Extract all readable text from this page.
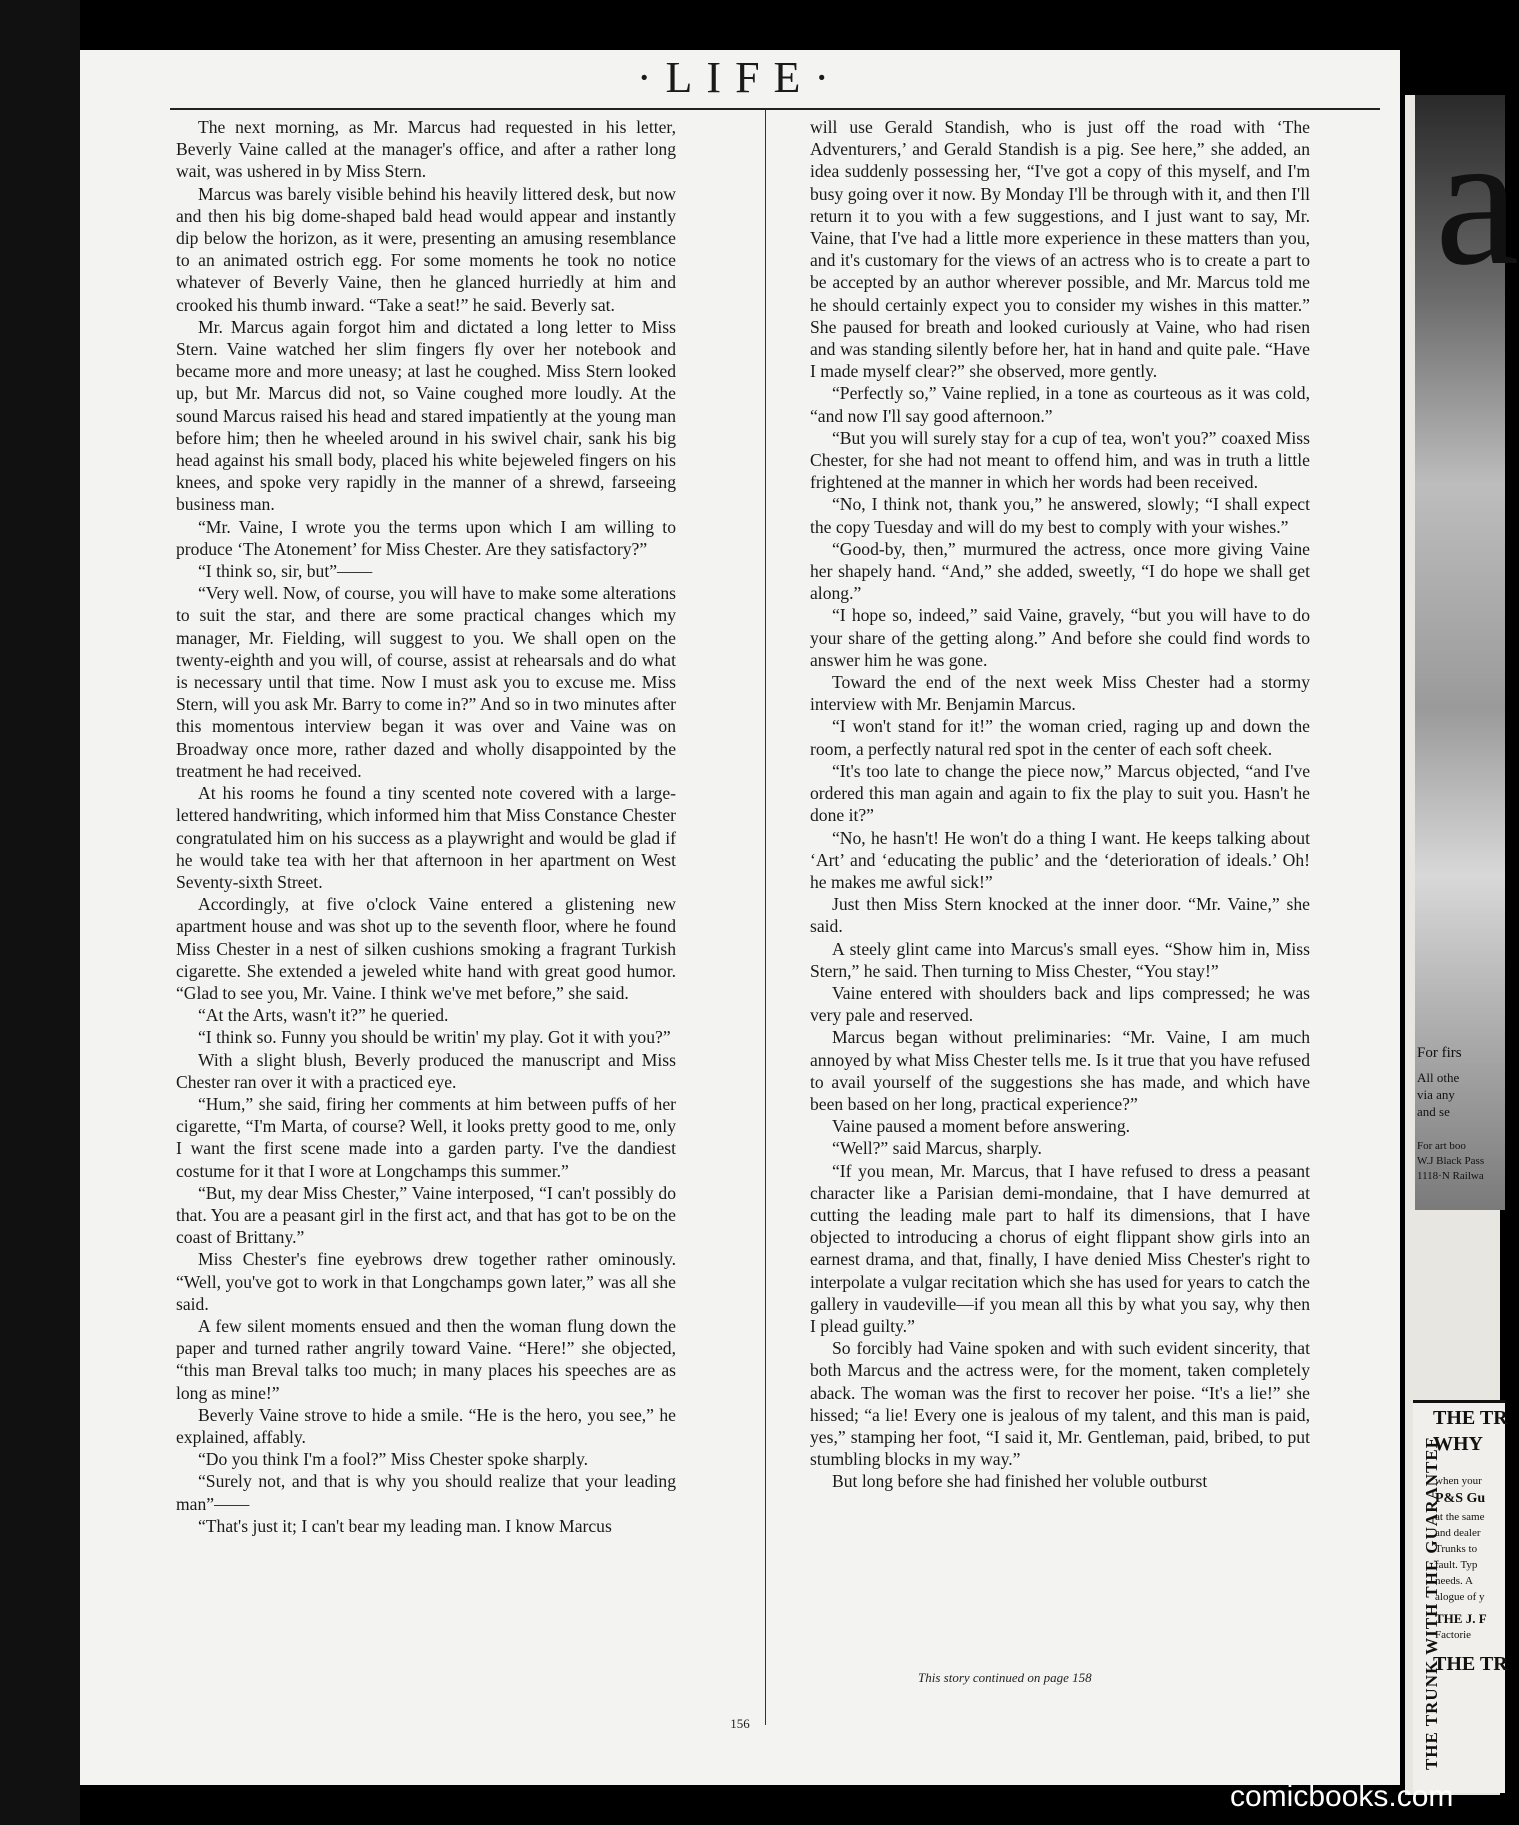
·LIFE·

The next morning, as Mr. Marcus had requested in his letter, Beverly Vaine called at the manager's office, and after a rather long wait, was ushered in by Miss Stern.

Marcus was barely visible behind his heavily littered desk, but now and then his big dome-shaped bald head would appear and instantly dip below the horizon, as it were, presenting an amusing resemblance to an animated ostrich egg. For some moments he took no notice whatever of Beverly Vaine, then he glanced hurriedly at him and crooked his thumb inward. “Take a seat!” he said. Beverly sat.

Mr. Marcus again forgot him and dictated a long letter to Miss Stern. Vaine watched her slim fingers fly over her notebook and became more and more uneasy; at last he coughed. Miss Stern looked up, but Mr. Marcus did not, so Vaine coughed more loudly. At the sound Marcus raised his head and stared impatiently at the young man before him; then he wheeled around in his swivel chair, sank his big head against his small body, placed his white bejeweled fingers on his knees, and spoke very rapidly in the manner of a shrewd, farseeing business man.

“Mr. Vaine, I wrote you the terms upon which I am willing to produce ‘The Atonement’ for Miss Chester. Are they satisfactory?”

“I think so, sir, but”——

“Very well. Now, of course, you will have to make some alterations to suit the star, and there are some practical changes which my manager, Mr. Fielding, will suggest to you. We shall open on the twenty-eighth and you will, of course, assist at rehearsals and do what is necessary until that time. Now I must ask you to excuse me. Miss Stern, will you ask Mr. Barry to come in?” And so in two minutes after this momentous interview began it was over and Vaine was on Broadway once more, rather dazed and wholly disappointed by the treatment he had received.

At his rooms he found a tiny scented note covered with a large-lettered handwriting, which informed him that Miss Constance Chester congratulated him on his success as a playwright and would be glad if he would take tea with her that afternoon in her apartment on West Seventy-sixth Street.

Accordingly, at five o'clock Vaine entered a glistening new apartment house and was shot up to the seventh floor, where he found Miss Chester in a nest of silken cushions smoking a fragrant Turkish cigarette. She extended a jeweled white hand with great good humor. “Glad to see you, Mr. Vaine. I think we've met before,” she said.

“At the Arts, wasn't it?” he queried.

“I think so. Funny you should be writin' my play. Got it with you?”

With a slight blush, Beverly produced the manuscript and Miss Chester ran over it with a practiced eye.

“Hum,” she said, firing her comments at him between puffs of her cigarette, “I'm Marta, of course? Well, it looks pretty good to me, only I want the first scene made into a garden party. I've the dandiest costume for it that I wore at Longchamps this summer.”

“But, my dear Miss Chester,” Vaine interposed, “I can't possibly do that. You are a peasant girl in the first act, and that has got to be on the coast of Brittany.”

Miss Chester's fine eyebrows drew together rather ominously. “Well, you've got to work in that Longchamps gown later,” was all she said.

A few silent moments ensued and then the woman flung down the paper and turned rather angrily toward Vaine. “Here!” she objected, “this man Breval talks too much; in many places his speeches are as long as mine!”

Beverly Vaine strove to hide a smile. “He is the hero, you see,” he explained, affably.

“Do you think I'm a fool?” Miss Chester spoke sharply.

“Surely not, and that is why you should realize that your leading man”——

“That's just it; I can't bear my leading man. I know Marcus

will use Gerald Standish, who is just off the road with ‘The Adventurers,’ and Gerald Standish is a pig. See here,” she added, an idea suddenly possessing her, “I've got a copy of this myself, and I'm busy going over it now. By Monday I'll be through with it, and then I'll return it to you with a few suggestions, and I just want to say, Mr. Vaine, that I've had a little more experience in these matters than you, and it's customary for the views of an actress who is to create a part to be accepted by an author wherever possible, and Mr. Marcus told me he should certainly expect you to consider my wishes in this matter.” She paused for breath and looked curiously at Vaine, who had risen and was standing silently before her, hat in hand and quite pale. “Have I made myself clear?” she observed, more gently.

“Perfectly so,” Vaine replied, in a tone as courteous as it was cold, “and now I'll say good afternoon.”

“But you will surely stay for a cup of tea, won't you?” coaxed Miss Chester, for she had not meant to offend him, and was in truth a little frightened at the manner in which her words had been received.

“No, I think not, thank you,” he answered, slowly; “I shall expect the copy Tuesday and will do my best to comply with your wishes.”

“Good-by, then,” murmured the actress, once more giving Vaine her shapely hand. “And,” she added, sweetly, “I do hope we shall get along.”

“I hope so, indeed,” said Vaine, gravely, “but you will have to do your share of the getting along.” And before she could find words to answer him he was gone.

Toward the end of the next week Miss Chester had a stormy interview with Mr. Benjamin Marcus.

“I won't stand for it!” the woman cried, raging up and down the room, a perfectly natural red spot in the center of each soft cheek.

“It's too late to change the piece now,” Marcus objected, “and I've ordered this man again and again to fix the play to suit you. Hasn't he done it?”

“No, he hasn't! He won't do a thing I want. He keeps talking about ‘Art’ and ‘educating the public’ and the ‘deterioration of ideals.’ Oh! he makes me awful sick!”

Just then Miss Stern knocked at the inner door. “Mr. Vaine,” she said.

A steely glint came into Marcus's small eyes. “Show him in, Miss Stern,” he said. Then turning to Miss Chester, “You stay!”

Vaine entered with shoulders back and lips compressed; he was very pale and reserved.

Marcus began without preliminaries: “Mr. Vaine, I am much annoyed by what Miss Chester tells me. Is it true that you have refused to avail yourself of the suggestions she has made, and which have been based on her long, practical experience?”

Vaine paused a moment before answering.

“Well?” said Marcus, sharply.

“If you mean, Mr. Marcus, that I have refused to dress a peasant character like a Parisian demi-mondaine, that I have demurred at cutting the leading male part to half its dimensions, that I have objected to introducing a chorus of eight flippant show girls into an earnest drama, and that, finally, I have denied Miss Chester's right to interpolate a vulgar recitation which she has used for years to catch the gallery in vaudeville—if you mean all this by what you say, why then I plead guilty.”

So forcibly had Vaine spoken and with such evident sincerity, that both Marcus and the actress were, for the moment, taken completely aback. The woman was the first to recover her poise. “It's a lie!” she hissed; “a lie! Every one is jealous of my talent, and this man is paid, yes,” stamping her foot, “I said it, Mr. Gentleman, paid, bribed, to put stumbling blocks in my way.”

But long before she had finished her voluble outburst

This story continued on page 158
156
a
For firs
All othe
via any
and se
For art boo
W.J Black Pass
1118·N Railwa
THE TRUNK WITH THE GUARANTEE
THE TR
WHY
when your
P&S Gu
at the same
and dealer
Trunks to
fault. Typ
needs. A
alogue of y
THE J. F
Factorie
THE TR
comicbooks.com
